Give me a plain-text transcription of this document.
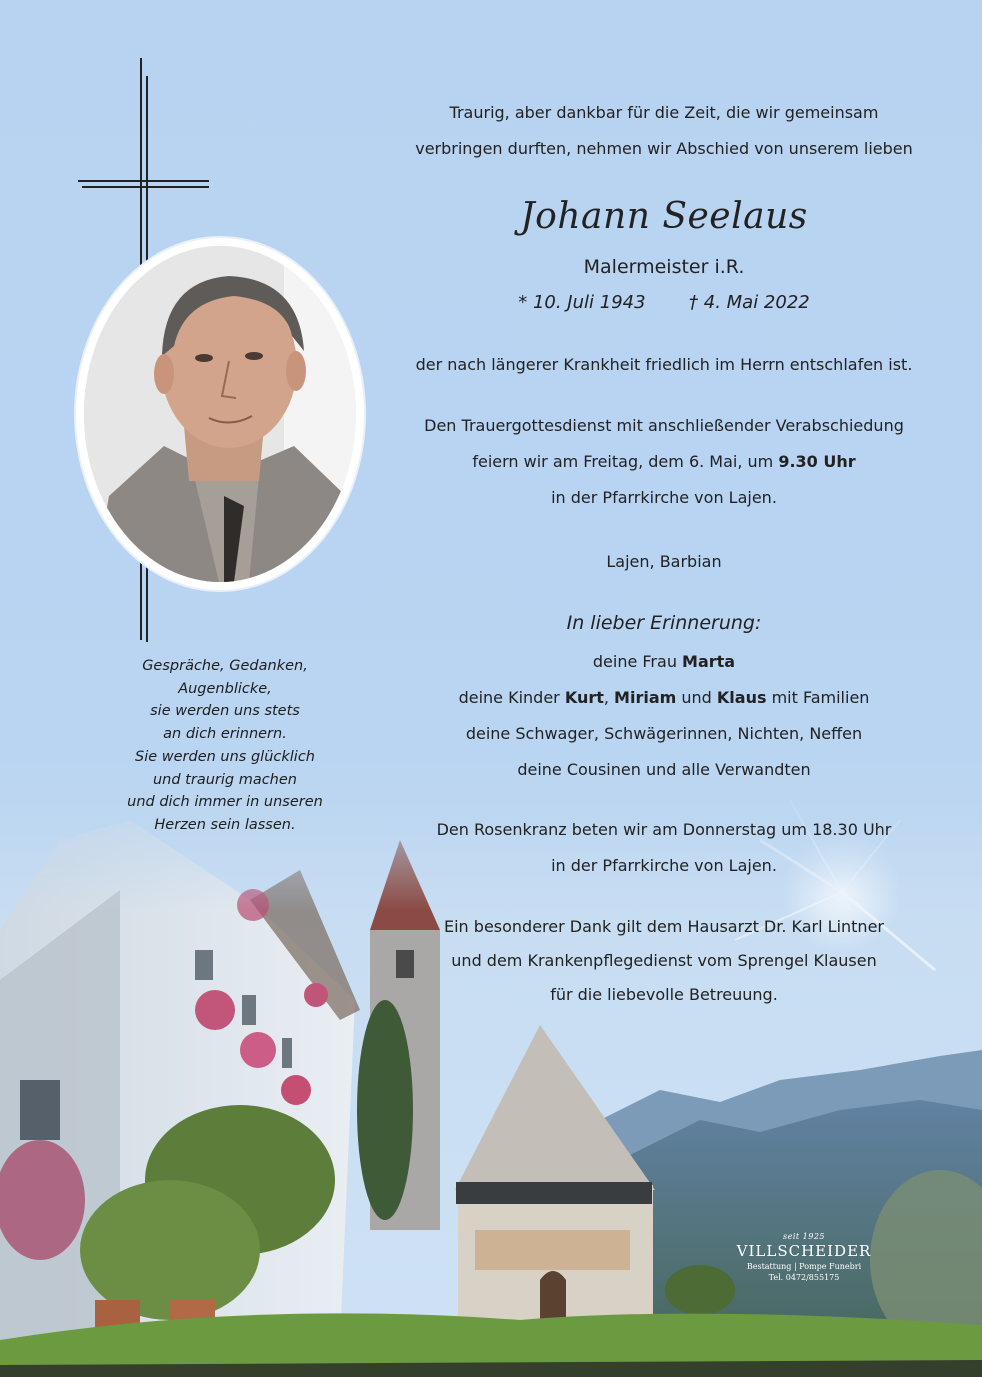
Gespräche, Gedanken,
Augenblicke,
sie werden uns stets
an dich erinnern.
Sie werden uns glücklich
und traurig machen
und dich immer in unseren
Herzen sein lassen.
Traurig, aber dankbar für die Zeit, die wir gemeinsam
verbringen durften, nehmen wir Abschied von unserem lieben
Johann Seelaus
Malermeister i.R.
* 10. Juli 1943 † 4. Mai 2022
der nach längerer Krankheit friedlich im Herrn entschlafen ist.
Den Trauergottesdienst mit anschließender Verabschiedung
feiern wir am Freitag, dem 6. Mai, um 9.30 Uhr
in der Pfarrkirche von Lajen.
Lajen, Barbian
In lieber Erinnerung:
deine Frau Marta
deine Kinder Kurt, Miriam und Klaus mit Familien
deine Schwager, Schwägerinnen, Nichten, Neffen
deine Cousinen und alle Verwandten
Den Rosenkranz beten wir am Donnerstag um 18.30 Uhr
in der Pfarrkirche von Lajen.
Ein besonderer Dank gilt dem Hausarzt Dr. Karl Lintner
und dem Krankenpflegedienst vom Sprengel Klausen
für die liebevolle Betreuung.
seit 1925
VILLSCHEIDER
Bestattung | Pompe Funebri
Tel. 0472/855175
